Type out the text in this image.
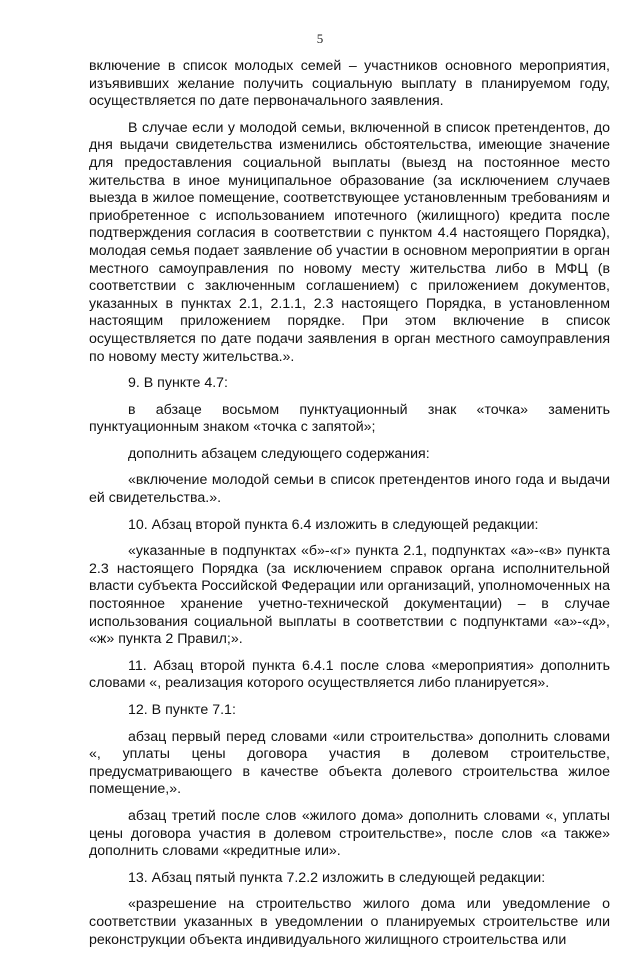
5

включение в список молодых семей – участников основного мероприятия, изъявивших желание получить социальную выплату в планируемом году, осуществляется по дате первоначального заявления.

В случае если у молодой семьи, включенной в список претендентов, до дня выдачи свидетельства изменились обстоятельства, имеющие значение для предоставления социальной выплаты (выезд на постоянное место жительства в иное муниципальное образование (за исключением случаев выезда в жилое помещение, соответствующее установленным требованиям и приобретенное с использованием ипотечного (жилищного) кредита после подтверждения согласия в соответствии с пунктом 4.4 настоящего Порядка), молодая семья подает заявление об участии в основном мероприятии в орган местного самоуправления по новому месту жительства либо в МФЦ (в соответствии с заключенным соглашением) с приложением документов, указанных в пунктах 2.1, 2.1.1, 2.3 настоящего Порядка, в установленном настоящим приложением порядке. При этом включение в список осуществляется по дате подачи заявления в орган местного самоуправления по новому месту жительства.».

9. В пункте 4.7:

в абзаце восьмом пунктуационный знак «точка» заменить пунктуационным знаком «точка с запятой»;

дополнить абзацем следующего содержания:

«включение молодой семьи в список претендентов иного года и выдачи ей свидетельства.».

10. Абзац второй пункта 6.4 изложить в следующей редакции:

«указанные в подпунктах «б»-«г» пункта 2.1, подпунктах «а»-«в» пункта 2.3 настоящего Порядка (за исключением справок органа исполнительной власти субъекта Российской Федерации или организаций, уполномоченных на постоянное хранение учетно-технической документации) – в случае использования социальной выплаты в соответствии с подпунктами «а»-«д», «ж» пункта 2 Правил;».

11. Абзац второй пункта 6.4.1 после слова «мероприятия» дополнить словами «, реализация которого осуществляется либо планируется».

12. В пункте 7.1:

абзац первый перед словами «или строительства» дополнить словами «, уплаты цены договора участия в долевом строительстве, предусматривающего в качестве объекта долевого строительства жилое помещение,».

абзац третий после слов «жилого дома» дополнить словами «, уплаты цены договора участия в долевом строительстве», после слов «а также» дополнить словами «кредитные или».

13. Абзац пятый пункта 7.2.2 изложить в следующей редакции:

«разрешение на строительство жилого дома или уведомление о соответствии указанных в уведомлении о планируемых строительстве или реконструкции объекта индивидуального жилищного строительства или
